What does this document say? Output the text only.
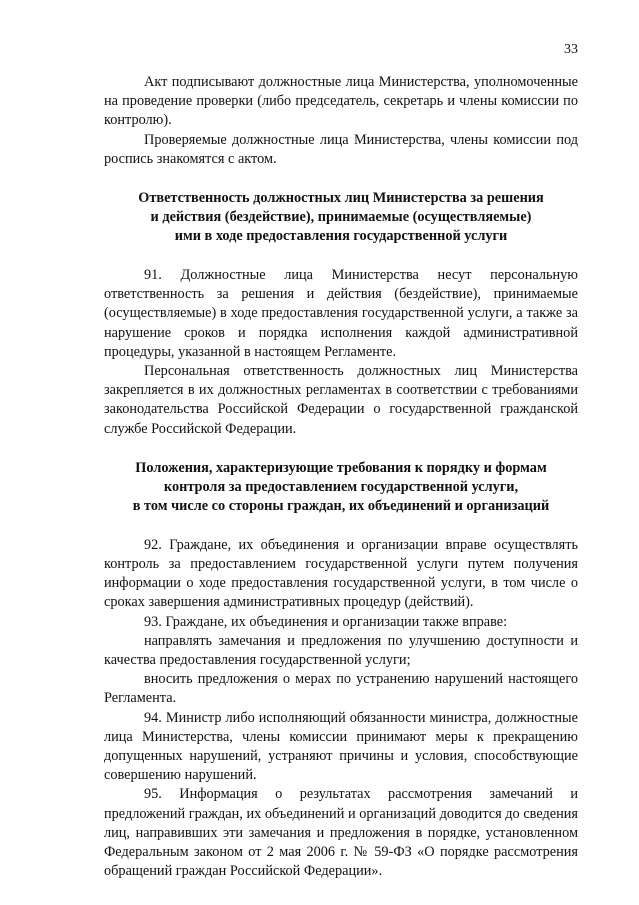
33

Акт подписывают должностные лица Министерства, уполномоченные на проведение проверки (либо председатель, секретарь и члены комиссии по контролю).

Проверяемые должностные лица Министерства, члены комиссии под роспись знакомятся с актом.

Ответственность должностных лиц Министерства за решения
и действия (бездействие), принимаемые (осуществляемые)
ими в ходе предоставления государственной услуги

91. Должностные лица Министерства несут персональную ответственность за решения и действия (бездействие), принимаемые (осуществляемые) в ходе предоставления государственной услуги, а также за нарушение сроков и порядка исполнения каждой административной процедуры, указанной в настоящем Регламенте.

Персональная ответственность должностных лиц Министерства закрепляется в их должностных регламентах в соответствии с требованиями законодательства Российской Федерации о государственной гражданской службе Российской Федерации.

Положения, характеризующие требования к порядку и формам
контроля за предоставлением государственной услуги,
в том числе со стороны граждан, их объединений и организаций

92. Граждане, их объединения и организации вправе осуществлять контроль за предоставлением государственной услуги путем получения информации о ходе предоставления государственной услуги, в том числе о сроках завершения административных процедур (действий).

93. Граждане, их объединения и организации также вправе:

направлять замечания и предложения по улучшению доступности и качества предоставления государственной услуги;

вносить предложения о мерах по устранению нарушений настоящего Регламента.

94. Министр либо исполняющий обязанности министра, должностные лица Министерства, члены комиссии принимают меры к прекращению допущенных нарушений, устраняют причины и условия, способствующие совершению нарушений.

95. Информация о результатах рассмотрения замечаний и предложений граждан, их объединений и организаций доводится до сведения лиц, направивших эти замечания и предложения в порядке, установленном Федеральным законом от 2 мая 2006 г. № 59-ФЗ «О порядке рассмотрения обращений граждан Российской Федерации».
